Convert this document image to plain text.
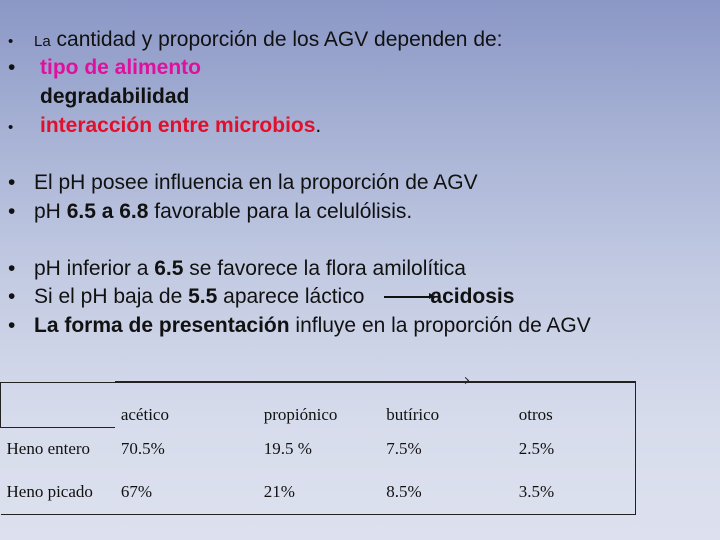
• La cantidad y proporción de los AGV dependen de:
• tipo de alimento
degradabilidad
• interacción entre microbios.
• El pH posee influencia en la proporción de AGV
• pH 6.5 a 6.8 favorable para la celulólisis.
• pH inferior a 6.5 se favorece la flora amilolítica
• Si el pH baja de 5.5 aparece láctico	acidosis
• La forma de presentación influye en la proporción de AGV
	acético	propiónico	butírico	otros
Heno entero	70.5%	19.5 %	7.5%	2.5%
Heno picado	67%	21%	8.5%	3.5%
